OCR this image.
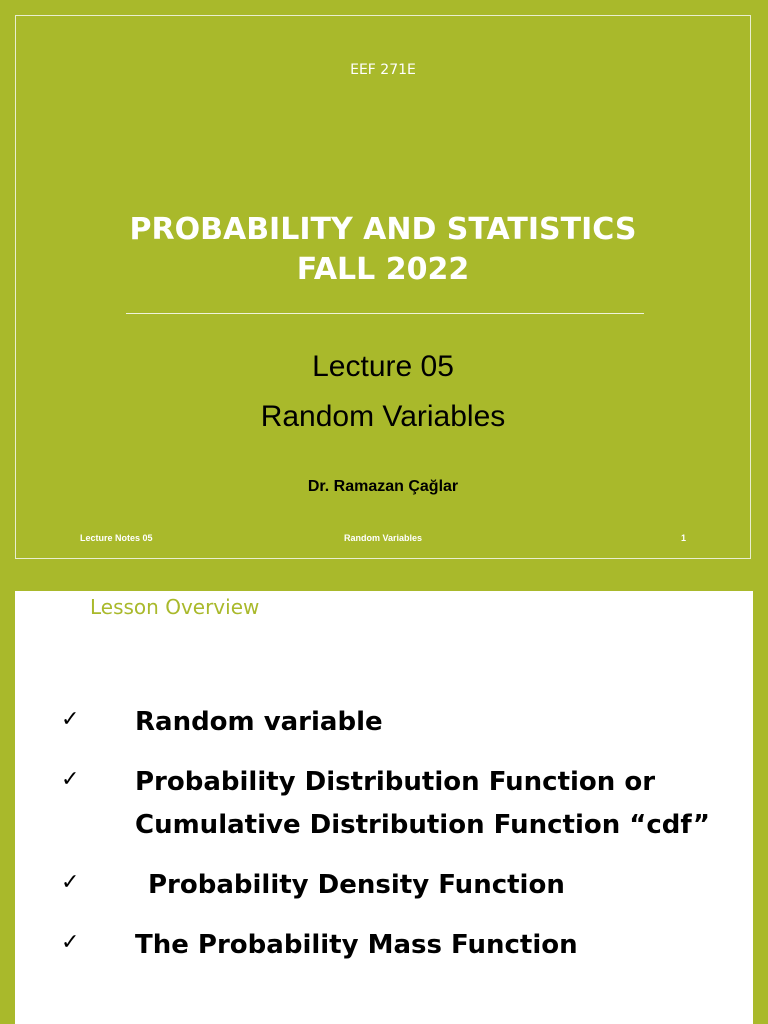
EEF 271E
PROBABILITY AND STATISTICS
FALL 2022
Lecture 05
Random Variables
Dr. Ramazan Çağlar
Lecture Notes 05	Random Variables	1
Lesson Overview
✓ Random variable
✓ Probability Distribution Function or
Cumulative Distribution Function “cdf”
✓	Probability Density Function
✓ The Probability Mass Function
